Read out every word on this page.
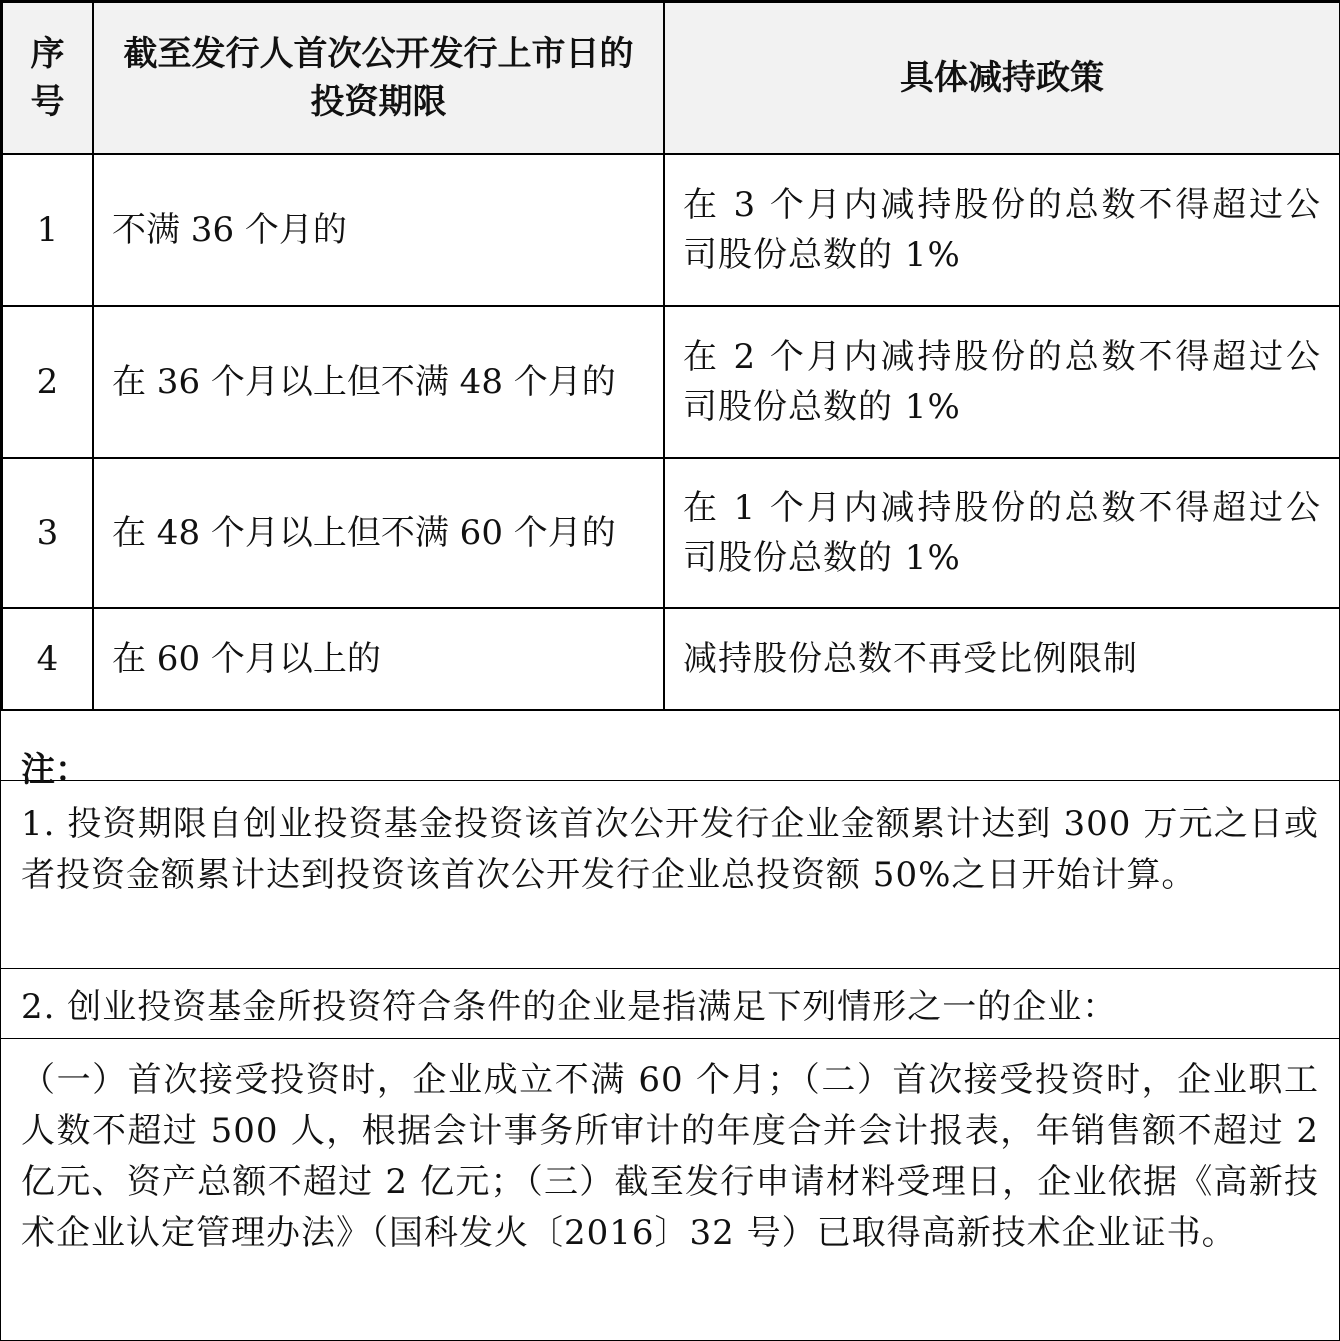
序号	截至发行人首次公开发行上市日的投资期限	具体减持政策
1	不满 36 个月的	在 3 个月内减持股份的总数不得超过公司股份总数的 1%
2	在 36 个月以上但不满 48 个月的	在 2 个月内减持股份的总数不得超过公司股份总数的 1%
3	在 48 个月以上但不满 60 个月的	在 1 个月内减持股份的总数不得超过公司股份总数的 1%
4	在 60 个月以上的	减持股份总数不再受比例限制
注：
1. 投资期限自创业投资基金投资该首次公开发行企业金额累计达到 300 万元之日或者投资金额累计达到投资该首次公开发行企业总投资额 50%之日开始计算。
2. 创业投资基金所投资符合条件的企业是指满足下列情形之一的企业：
（一）首次接受投资时，企业成立不满 60 个月；（二）首次接受投资时，企业职工人数不超过 500 人，根据会计事务所审计的年度合并会计报表，年销售额不超过 2 亿元、资产总额不超过 2 亿元；（三）截至发行申请材料受理日，企业依据《高新技术企业认定管理办法》（国科发火〔2016〕32 号）已取得高新技术企业证书。
